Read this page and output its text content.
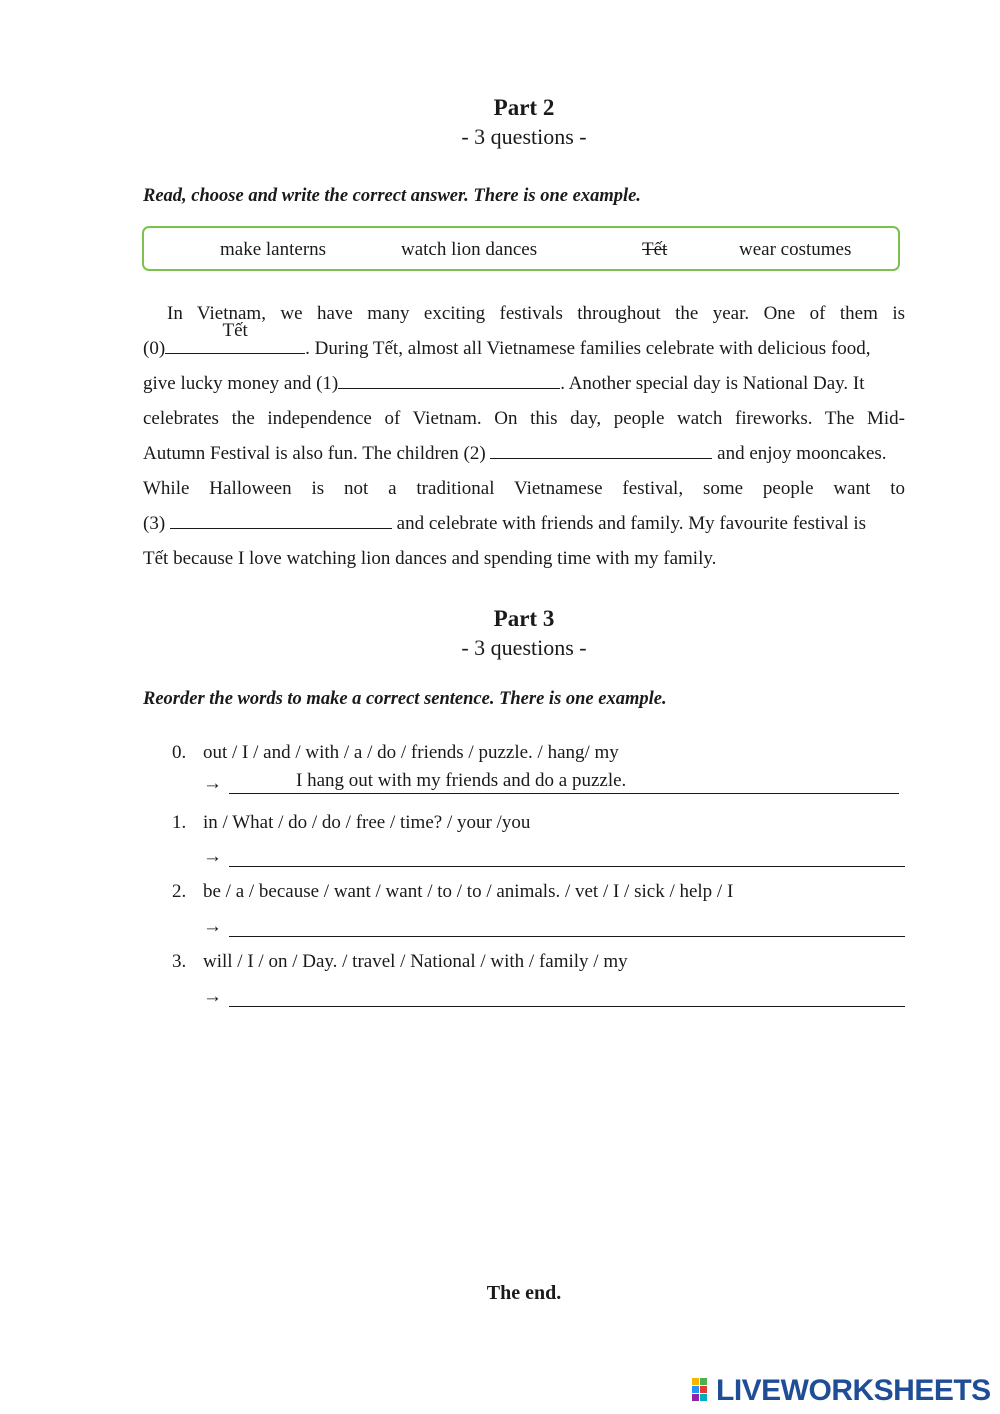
Part 2
- 3 questions -
Read, choose and write the correct answer. There is one example.
make lanterns	watch lion dances	Tết	wear costumes
In Vietnam, we have many exciting festivals throughout the year. One of them is
(0)
Tết
. During Tết, almost all Vietnamese families celebrate with delicious food,
give lucky money and (1)	. Another special day is National Day. It
celebrates the independence of Vietnam. On this day, people watch fireworks. The Mid-
Autumn Festival is also fun. The children (2)	and enjoy mooncakes.
While Halloween is not a traditional Vietnamese festival, some people want to
(3)	and celebrate with friends and family. My favourite festival is
Tết because I love watching lion dances and spending time with my family.
Part 3
- 3 questions -
Reorder the words to make a correct sentence. There is one example.
0. out / I / and / with / a / do / friends / puzzle. / hang/ my
→	I hang out with my friends and do a puzzle.
1. in / What / do / do / free / time? / your /you
→
2. be / a / because / want / want / to / to / animals. / vet / I / sick / help / I
→
3. will / I / on / Day. / travel / National / with / family / my
→
The end.
LIVEWORKSHEETS
